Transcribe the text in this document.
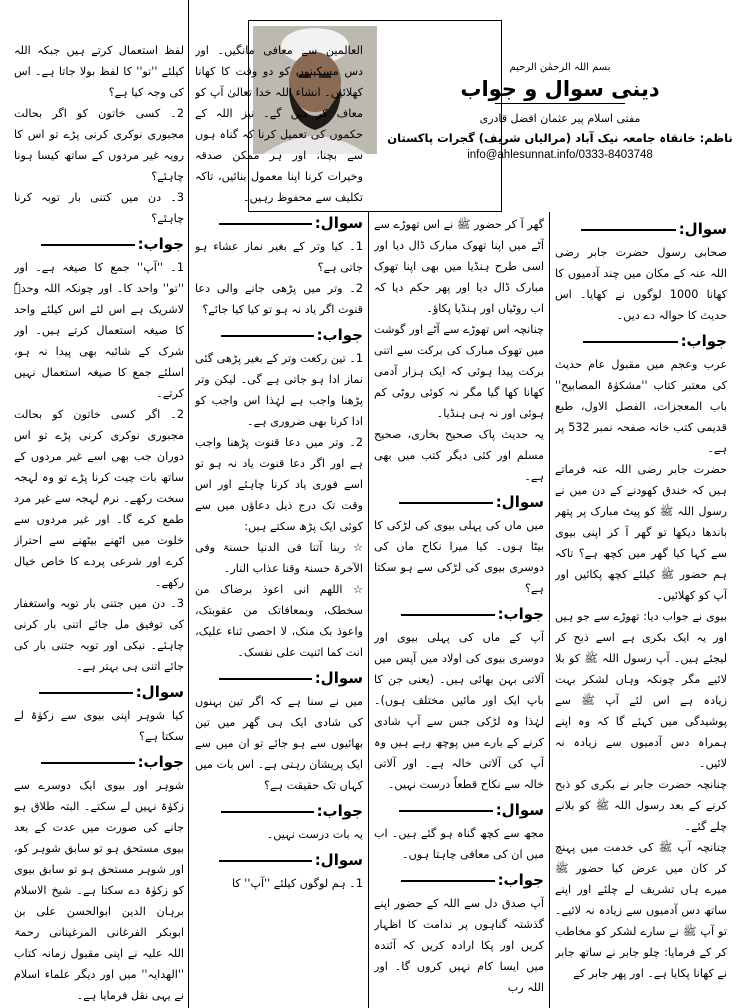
بسم اللہ الرحمٰن الرحیم
دینی سوال و جواب
مفتی اسلام پیر عثمان افضل قادری
ناظم: خانقاہ جامعہ نیک آباد (مرالیاں شریف) گجرات پاکستان
info@ahlesunnat.info/0333-8403748

لفظ استعمال کرتے ہیں جبکہ اللہ کیلئے ''تو'' کا لفظ بولا جاتا ہے۔ اس کی وجہ کیا ہے؟

2۔ کسی خاتون کو اگر بحالت مجبوری نوکری کرنی پڑے تو اس کا رویہ غیر مردوں کے ساتھ کیسا ہونا چاہئے؟

3۔ دن میں کتنی بار توبہ کرنا چاہئے؟

جواب:

1۔ ''آپ'' جمع کا صیغہ ہے۔ اور ''تو'' واحد کا۔ اور چونکہ اللہ وحدہٗ لاشریک ہے اس لئے اس کیلئے واحد کا صیغہ استعمال کرتے ہیں۔ اور شرک کے شائبہ بھی پیدا نہ ہو، اسلئے جمع کا صیغہ استعمال نہیں کرتے۔

2۔ اگر کسی خاتون کو بحالت مجبوری نوکری کرنی پڑے تو اس دوران جب بھی اسے غیر مردوں کے ساتھ بات چیت کرنا پڑے تو وہ لہجہ سخت رکھے۔ نرم لہجہ سے غیر مرد طمع کرے گا۔ اور غیر مردوں سے خلوت میں اٹھنے بیٹھنے سے احتراز کرے اور شرعی پردے کا خاص خیال رکھے۔

3۔ دن میں جتنی بار توبہ واستغفار کی توفیق مل جائے اتنی بار کرنی چاہئے۔ نیکی اور توبہ جتنی بار کی جائے اتنی ہی بہتر ہے۔

سوال:

کیا شوہر اپنی بیوی سے زکوٰۃ لے سکتا ہے؟

جواب:

شوہر اور بیوی ایک دوسرے سے زکوٰۃ نہیں لے سکتے۔ البتہ طلاق ہو جانے کی صورت میں عدت کے بعد بیوی مستحق ہو تو سابق شوہر کو، اور شوہر مستحق ہو تو سابق بیوی کو زکوٰۃ دے سکتا ہے۔ شیخ الاسلام برہان الدین ابوالحسن علی بن ابوبکر الفرغانی المرغینانی رحمۃ اللہ علیہ نے اپنی مقبول زمانہ کتاب ''الھدایہ'' میں اور دیگر علماء اسلام نے یہی نقل فرمایا ہے۔

العالمین سے معافی مانگیں۔ اور دس مسکینوں کو دو وقت کا کھانا کھلائیں۔ انشاء اللہ خدا تعالیٰ آپ کو معاف کر دیں گے۔ نیز اللہ کے حکموں کی تعمیل کرنا کہ گناہ ہوں سے بچنا، اور ہر ممکن صدقہ وخیرات کرنا اپنا معمول بنائیں، تاکہ تکلیف سے محفوظ رہیں۔

سوال:

1۔ کیا وتر کے بغیر نماز عشاء ہو جاتی ہے؟
2۔ وتر میں پڑھی جانے والی دعا قنوت اگر یاد نہ ہو تو کیا کیا جائے؟

جواب:

1۔ تین رکعت وتر کے بغیر پڑھی گئی نماز ادا ہو جاتی ہے گی۔ لیکن وتر پڑھنا واجب ہے لہٰذا اس واجب کو ادا کرنا بھی ضروری ہے۔

2۔ وتر میں دعا قنوت پڑھنا واجب ہے اور اگر دعا قنوت یاد نہ ہو تو اسے فوری یاد کرنا چاہئے اور اس وقت تک درج ذیل دعاؤں میں سے کوئی ایک پڑھ سکتے ہیں:

☆ ربنا آتنا فی الدنیا حسنۃ وفی الآخرۃ حسنۃ وقنا عذاب النار۔

☆ اللھم انی اعوذ برضاک من سخطک، وبمعافاتک من عقوبتک، واعوذ بک منک، لا احصی ثناء علیک، انت کما اثنیت علی نفسک۔

سوال:

میں نے سنا ہے کہ اگر تین بہنوں کی شادی ایک ہی گھر میں تین بھائیوں سے ہو جائے تو ان میں سے ایک پریشان رہتی ہے۔ اس بات میں کہاں تک حقیقت ہے؟

جواب:

یہ بات درست نہیں۔

سوال:

1۔ ہم لوگوں کیلئے ''آپ'' کا

گھر آ کر حضور ﷺ نے اس تھوڑے سے آٹے میں اپنا تھوک مبارک ڈال دیا اور اسی طرح ہنڈیا میں بھی اپنا تھوک مبارک ڈال دیا اور پھر حکم دیا کہ اب روٹیاں اور ہنڈیا پکاؤ۔

چنانچہ اس تھوڑے سے آٹے اور گوشت میں تھوک مبارک کی برکت سے اتنی برکت پیدا ہوئی کہ ایک ہزار آدمی کھانا کھا گیا مگر نہ کوئی روٹی کم ہوئی اور نہ ہی ہنڈیا۔

یہ حدیث پاک صحیح بخاری، صحیح مسلم اور کئی دیگر کتب میں بھی ہے۔

سوال:

میں ماں کی پہلی بیوی کی لڑکی کا بیٹا ہوں۔ کیا میرا نکاح ماں کی دوسری بیوی کی لڑکی سے ہو سکتا ہے؟

جواب:

آپ کے ماں کی پہلی بیوی اور دوسری بیوی کی اولاد میں آپس میں آلاتی بہن بھائی ہیں۔ (یعنی جن کا باپ ایک اور مائیں مختلف ہوں)۔ لہٰذا وہ لڑکی جس سے آپ شادی کرنے کے بارے میں پوچھ رہے ہیں وہ آپ کی آلاتی خالہ ہے۔ اور آلاتی خالہ سے نکاح قطعاً درست نہیں۔

سوال:

مجھ سے کچھ گناہ ہو گئے ہیں۔ اب میں ان کی معافی چاہتا ہوں۔

جواب:

آپ صدق دل سے اللہ کے حضور اپنے گذشتہ گناہوں پر ندامت کا اظہار کریں اور پکا ارادہ کریں کہ آئندہ میں ایسا کام نہیں کروں گا۔ اور اللہ رب

سوال:

صحابی رسول حضرت جابر رضی اللہ عنہ کے مکان میں چند آدمیوں کا کھانا 1000 لوگوں نے کھایا۔ اس حدیث کا حوالہ دے دیں۔

جواب:

عرب وعجم میں مقبول عام حدیث کی معتبر کتاب ''مشکوٰۃ المصابیح'' باب المعجزات، الفصل الاول، طبع قدیمی کتب خانہ صفحہ نمبر 532 پر ہے۔

حضرت جابر رضی اللہ عنہ فرماتے ہیں کہ خندق کھودنے کے دن میں نے رسول اللہ ﷺ کو پیٹ مبارک پر پتھر باندھا دیکھا تو گھر آ کر اپنی بیوی سے کہا کیا گھر میں کچھ ہے؟ تاکہ ہم حضور ﷺ کیلئے کچھ پکائیں اور آپ کو کھلائیں۔

بیوی نے جواب دیا: تھوڑے سے جو ہیں اور یہ ایک بکری ہے اسے ذبح کر لیجئے ہیں۔ آپ رسول اللہ ﷺ کو بلا لائیے مگر چونکہ وہاں لشکر بہت زیادہ ہے اس لئے آپ ﷺ سے پوشیدگی میں کہئے گا کہ وہ اپنے ہمراہ دس آدمیوں سے زیادہ نہ لائیں۔

چنانچہ حضرت جابر نے بکری کو ذبح کرنے کے بعد رسول اللہ ﷺ کو بلانے چلے گئے۔

چنانچہ آپ ﷺ کی خدمت میں پہنچ کر کان میں عرض کیا حضور ﷺ میرے ہاں تشریف لے چلئے اور اپنے ساتھ دس آدمیوں سے زیادہ نہ لائیے۔ تو آپ ﷺ نے سارے لشکر کو مخاطب کر کے فرمایا: چلو جابر نے ساتھ جابر نے کھانا پکایا ہے۔ اور پھر جابر کے
